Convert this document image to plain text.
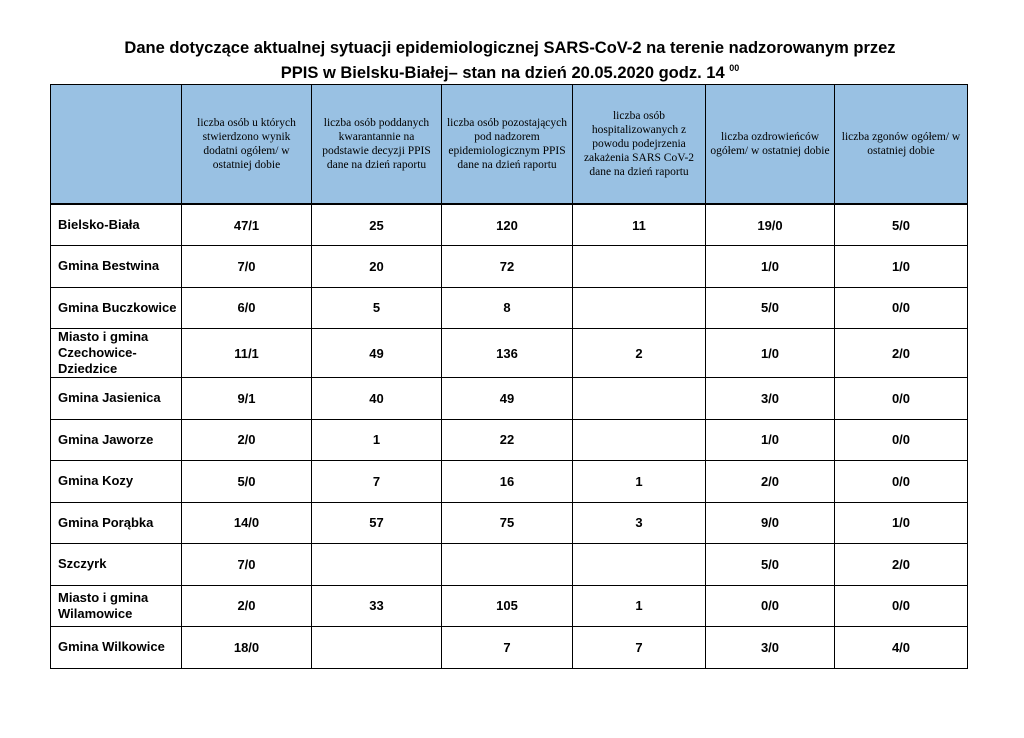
Dane dotyczące aktualnej sytuacji epidemiologicznej SARS-CoV-2 na terenie nadzorowanym przez
PPIS w Bielsku-Białej– stan na dzień 20.05.2020 godz. 14 $^{00}$
	liczba osób u których stwierdzono wynik dodatni ogółem/ w ostatniej dobie	liczba osób poddanych kwarantannie na podstawie decyzji PPIS dane na dzień raportu	liczba osób pozostających pod nadzorem epidemiologicznym PPIS dane na dzień raportu	liczba osób hospitalizowanych z powodu podejrzenia zakażenia SARS CoV-2 dane na dzień raportu	liczba ozdrowieńców ogółem/ w ostatniej dobie	liczba zgonów ogółem/ w ostatniej dobie
Bielsko-Biała	47/1	25	120	11	19/0	5/0
Gmina Bestwina	7/0	20	72		1/0	1/0
Gmina Buczkowice	6/0	5	8		5/0	0/0
Miasto i gmina Czechowice-Dziedzice	11/1	49	136	2	1/0	2/0
Gmina Jasienica	9/1	40	49		3/0	0/0
Gmina Jaworze	2/0	1	22		1/0	0/0
Gmina Kozy	5/0	7	16	1	2/0	0/0
Gmina Porąbka	14/0	57	75	3	9/0	1/0
Szczyrk	7/0				5/0	2/0
Miasto i gmina Wilamowice	2/0	33	105	1	0/0	0/0
Gmina Wilkowice	18/0		7	7	3/0	4/0
